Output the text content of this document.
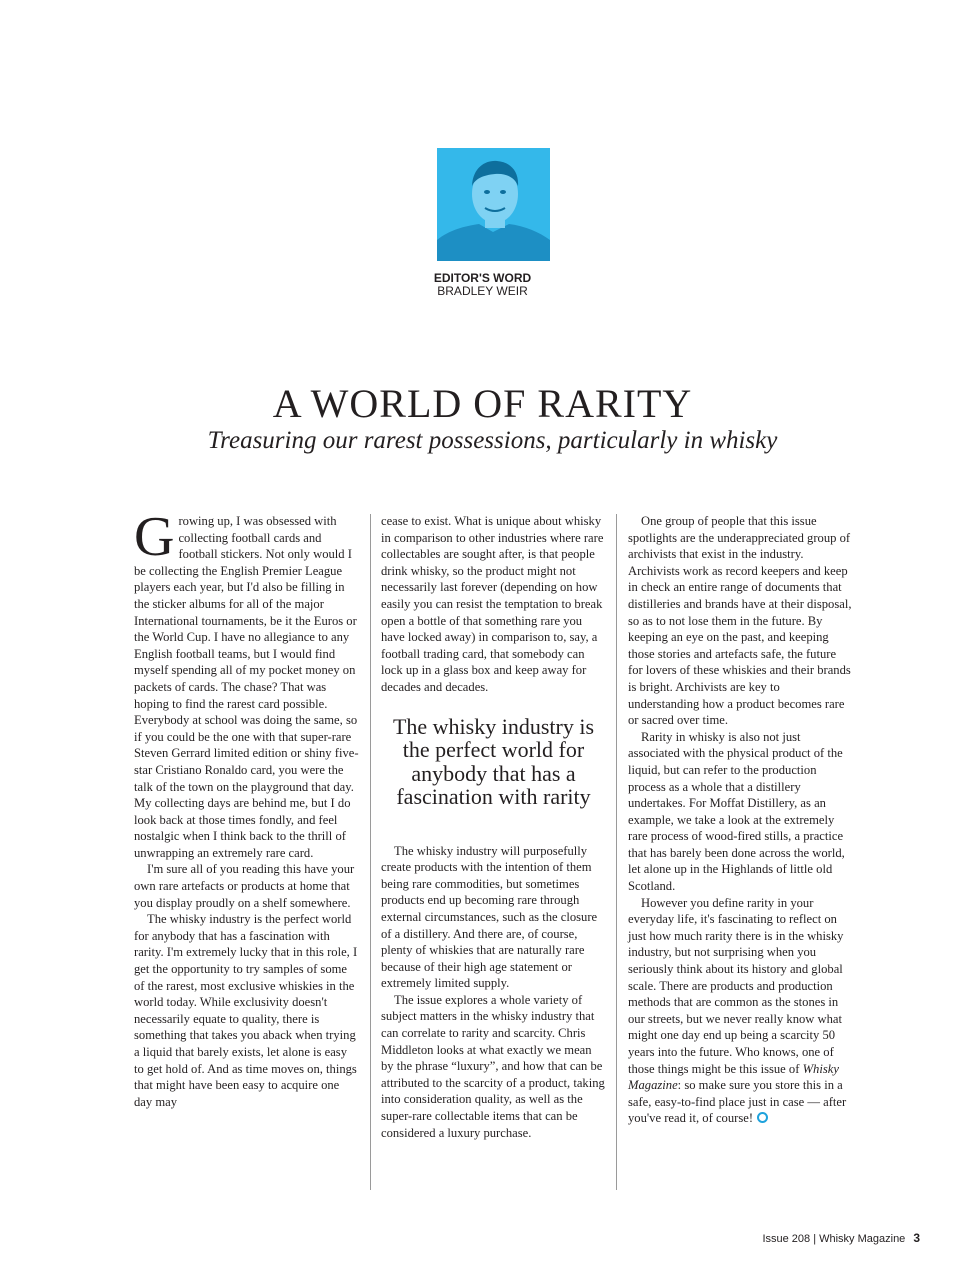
EDITOR'S WORD
BRADLEY WEIR
A WORLD OF RARITY
Treasuring our rarest possessions, particularly in whisky

Growing up, I was obsessed with collecting football cards and football stickers. Not only would I be collecting the English Premier League players each year, but I'd also be filling in the sticker albums for all of the major International tournaments, be it the Euros or the World Cup. I have no allegiance to any English football teams, but I would find myself spending all of my pocket money on packets of cards. The chase? That was hoping to find the rarest card possible. Everybody at school was doing the same, so if you could be the one with that super-rare Steven Gerrard limited edition or shiny five-star Cristiano Ronaldo card, you were the talk of the town on the playground that day. My collecting days are behind me, but I do look back at those times fondly, and feel nostalgic when I think back to the thrill of unwrapping an extremely rare card.

I'm sure all of you reading this have your own rare artefacts or products at home that you display proudly on a shelf somewhere.

The whisky industry is the perfect world for anybody that has a fascination with rarity. I'm extremely lucky that in this role, I get the opportunity to try samples of some of the rarest, most exclusive whiskies in the world today. While exclusivity doesn't necessarily equate to quality, there is something that takes you aback when trying a liquid that barely exists, let alone is easy to get hold of. And as time moves on, things that might have been easy to acquire one day may

cease to exist. What is unique about whisky in comparison to other industries where rare collectables are sought after, is that people drink whisky, so the product might not necessarily last forever (depending on how easily you can resist the temptation to break open a bottle of that something rare you have locked away) in comparison to, say, a football trading card, that somebody can lock up in a glass box and keep away for decades and decades.

The whisky industry is the perfect world for anybody that has a fascination with rarity

The whisky industry will purposefully create products with the intention of them being rare commodities, but sometimes products end up becoming rare through external circumstances, such as the closure of a distillery. And there are, of course, plenty of whiskies that are naturally rare because of their high age statement or extremely limited supply.

The issue explores a whole variety of subject matters in the whisky industry that can correlate to rarity and scarcity. Chris Middleton looks at what exactly we mean by the phrase “luxury”, and how that can be attributed to the scarcity of a product, taking into consideration quality, as well as the super-rare collectable items that can be considered a luxury purchase.

One group of people that this issue spotlights are the underappreciated group of archivists that exist in the industry. Archivists work as record keepers and keep in check an entire range of documents that distilleries and brands have at their disposal, so as to not lose them in the future. By keeping an eye on the past, and keeping those stories and artefacts safe, the future for lovers of these whiskies and their brands is bright. Archivists are key to understanding how a product becomes rare or sacred over time.

Rarity in whisky is also not just associated with the physical product of the liquid, but can refer to the production process as a whole that a distillery undertakes. For Moffat Distillery, as an example, we take a look at the extremely rare process of wood-fired stills, a practice that has barely been done across the world, let alone up in the Highlands of little old Scotland.

However you define rarity in your everyday life, it's fascinating to reflect on just how much rarity there is in the whisky industry, but not surprising when you seriously think about its history and global scale. There are products and production methods that are common as the stones in our streets, but we never really know what might one day end up being a scarcity 50 years into the future. Who knows, one of those things might be this issue of Whisky Magazine: so make sure you store this in a safe, easy-to-find place just in case — after you've read it, of course!

Issue 208 | Whisky Magazine 3
